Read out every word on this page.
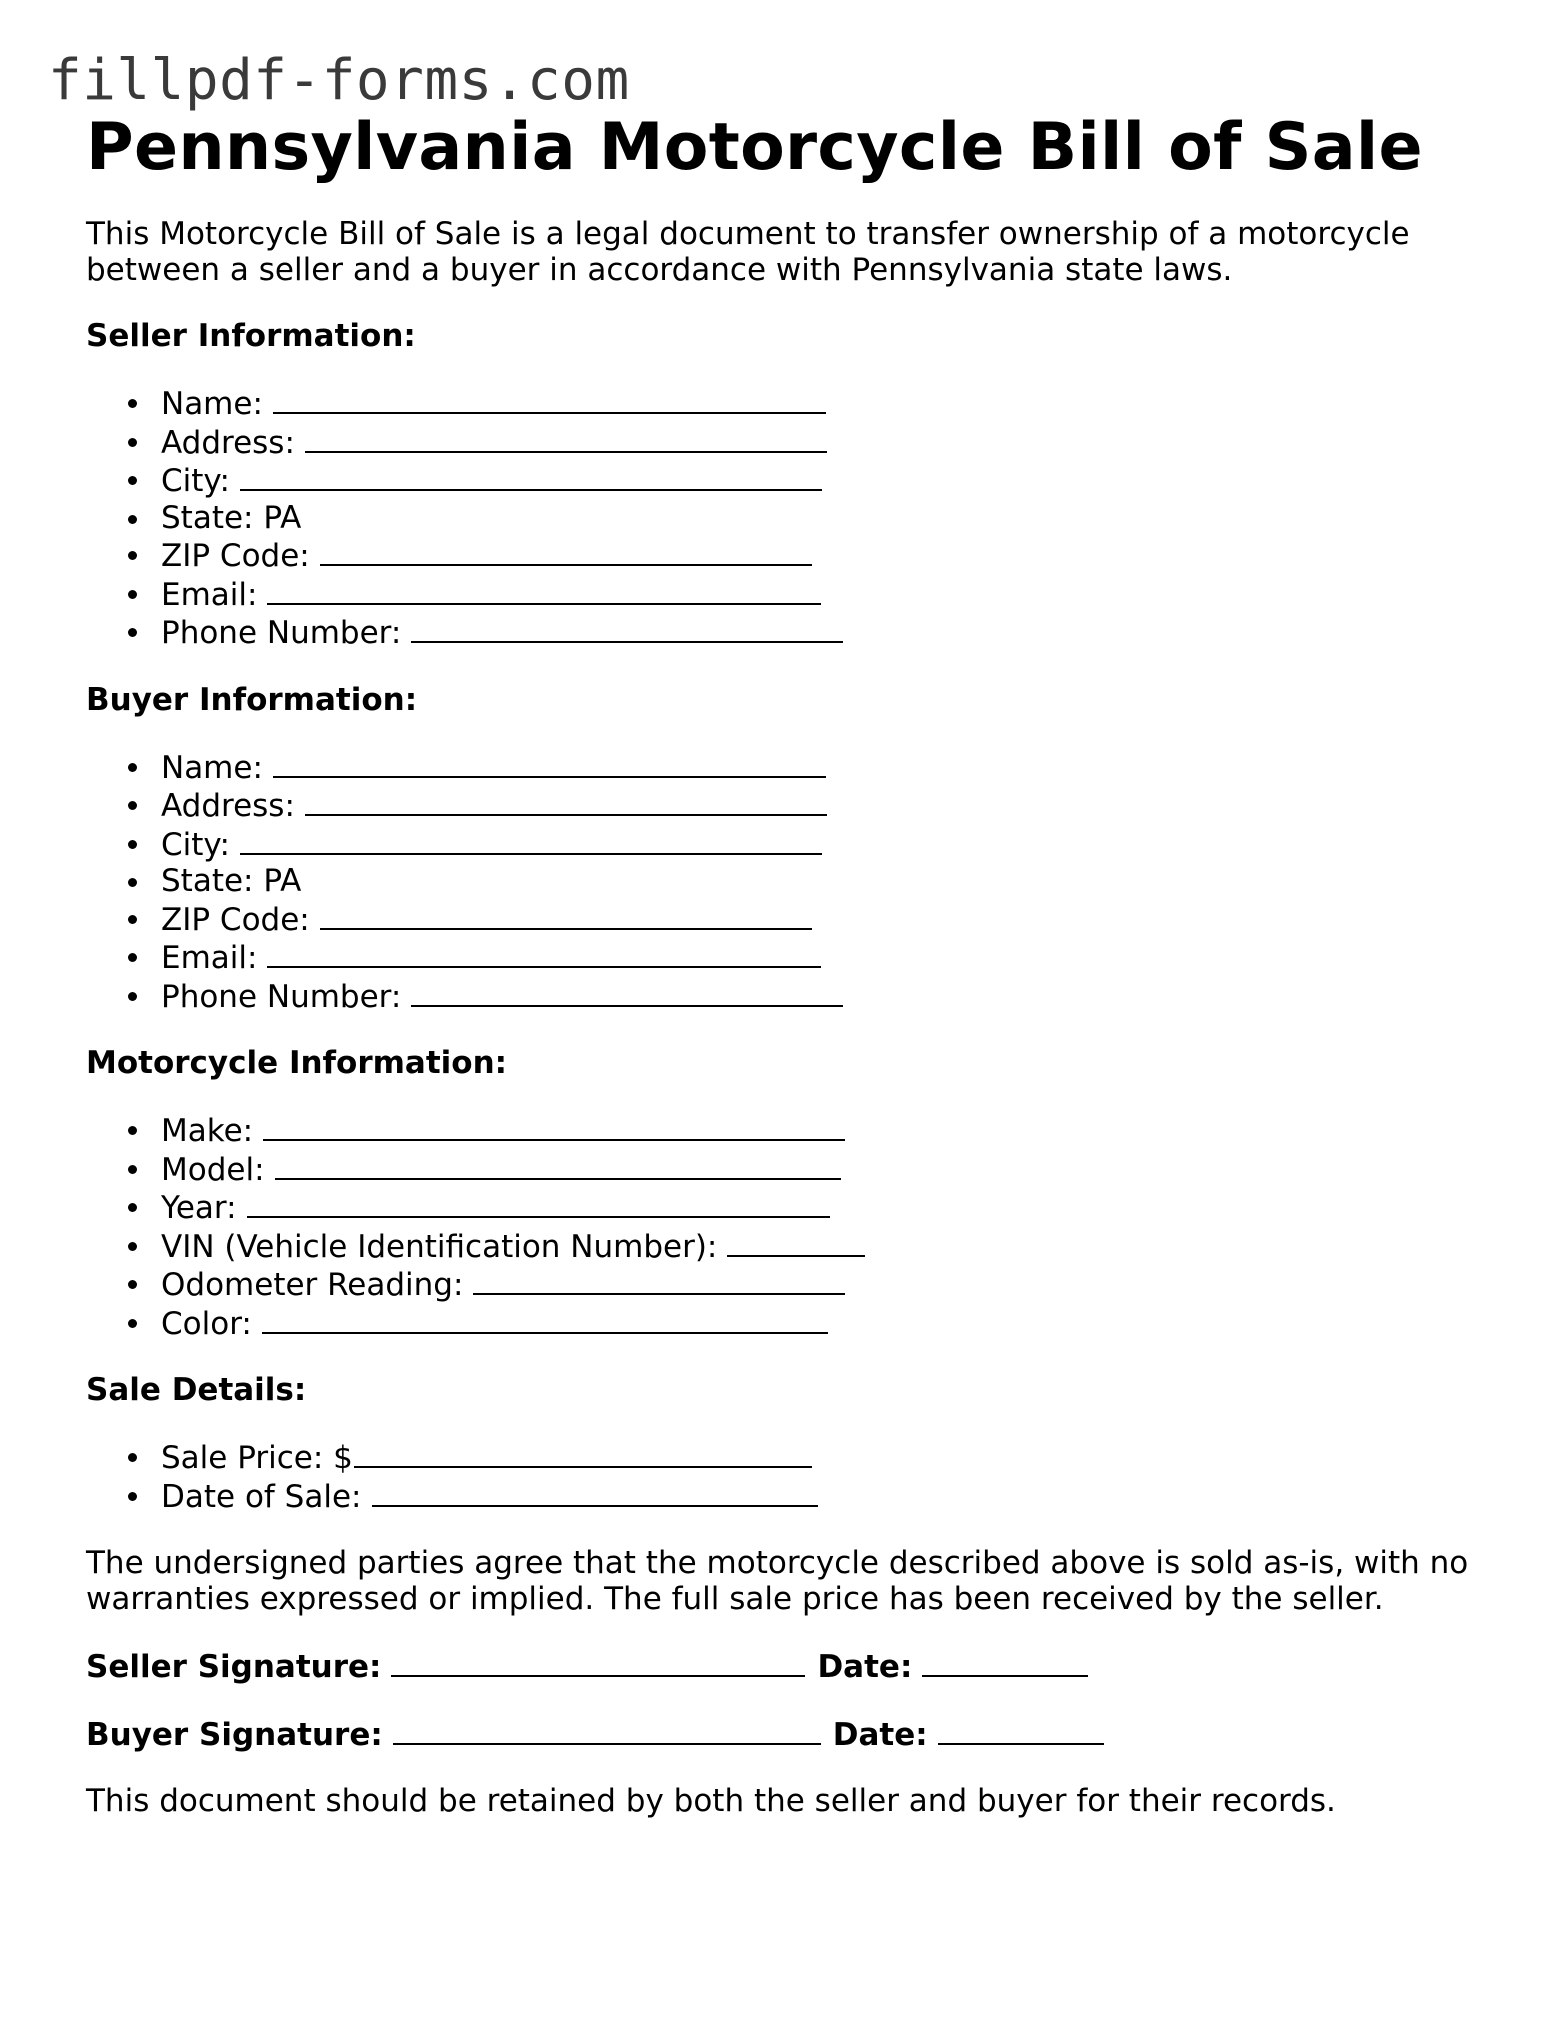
fillpdf-forms.com
Pennsylvania Motorcycle Bill of Sale

This Motorcycle Bill of Sale is a legal document to transfer ownership of a motorcycle between a seller and a buyer in accordance with Pennsylvania state laws.

Seller Information:
Name:
Address:
City:
State: PA
ZIP Code:
Email:
Phone Number:
Buyer Information:
Name:
Address:
City:
State: PA
ZIP Code:
Email:
Phone Number:
Motorcycle Information:
Make:
Model:
Year:
VIN (Vehicle Identification Number):
Odometer Reading:
Color:
Sale Details:
Sale Price: $
Date of Sale:

The undersigned parties agree that the motorcycle described above is sold as-is, with no warranties expressed or implied. The full sale price has been received by the seller.

Seller Signature:	Date:
Buyer Signature:	Date:

This document should be retained by both the seller and buyer for their records.
